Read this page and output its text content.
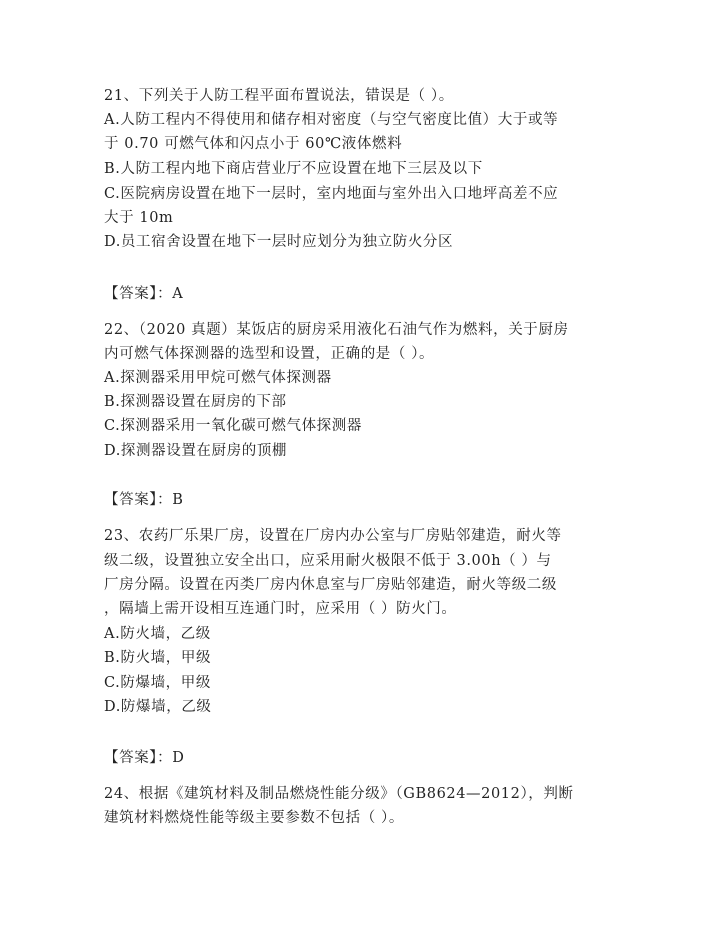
21、下列关于人防工程平面布置说法，错误是（ ）。
A.人防工程内不得使用和储存相对密度（与空气密度比值）大于或等
于 0.70 可燃气体和闪点小于 60℃液体燃料
B.人防工程内地下商店营业厅不应设置在地下三层及以下
C.医院病房设置在地下一层时，室内地面与室外出入口地坪高差不应
大于 10m
D.员工宿舍设置在地下一层时应划分为独立防火分区
【答案】：A
22、（2020 真题）某饭店的厨房采用液化石油气作为燃料，关于厨房
内可燃气体探测器的选型和设置，正确的是（ ）。
A.探测器采用甲烷可燃气体探测器
B.探测器设置在厨房的下部
C.探测器采用一氧化碳可燃气体探测器
D.探测器设置在厨房的顶棚
【答案】：B
23、农药厂乐果厂房，设置在厂房内办公室与厂房贴邻建造，耐火等
级二级，设置独立安全出口，应采用耐火极限不低于 3.00h（ ）与
厂房分隔。设置在丙类厂房内休息室与厂房贴邻建造，耐火等级二级
，隔墙上需开设相互连通门时，应采用（ ）防火门。
A.防火墙，乙级
B.防火墙，甲级
C.防爆墙，甲级
D.防爆墙，乙级
【答案】：D
24、根据《建筑材料及制品燃烧性能分级》（GB8624—2012），判断
建筑材料燃烧性能等级主要参数不包括（ ）。
